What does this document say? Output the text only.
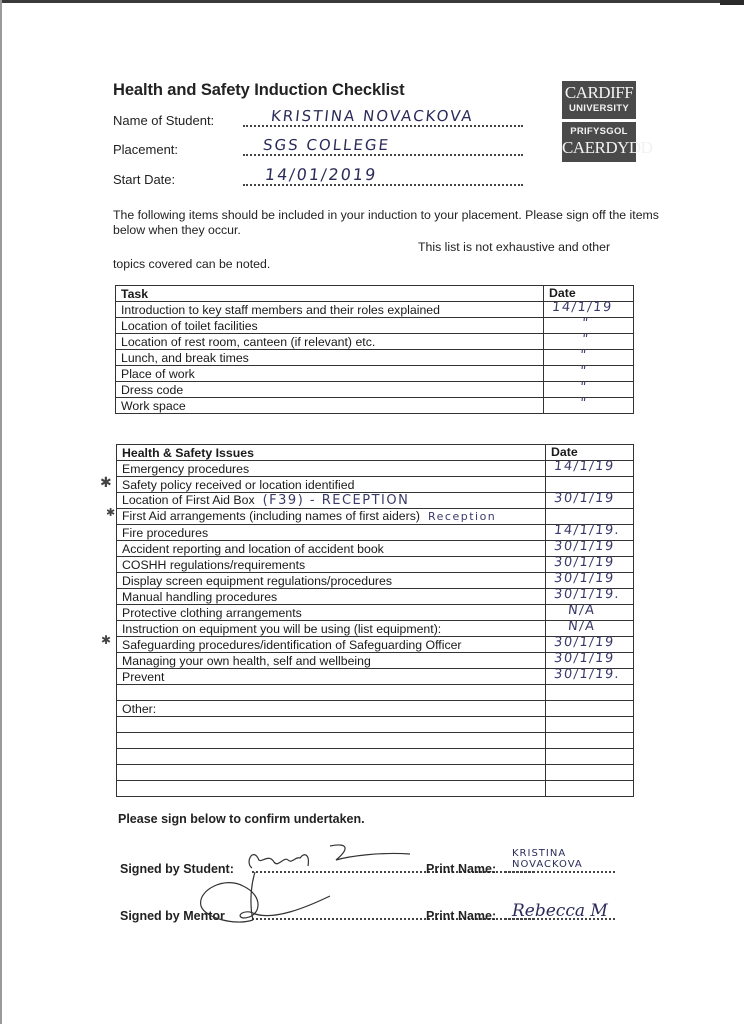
Health and Safety Induction Checklist
Name of Student:	KRISTINA NOVACKOVA
Placement:	SGS COLLEGE
Start Date:	14/01/2019
CARDIFF
UNIVERSITY
PRIFYSGOL
CAERDYDD
The following items should be included in your induction to your placement. Please sign off the items below when they occur.
This list is not exhaustive and other
topics covered can be noted.
Task	Date

Introduction to key staff members and their roles explained	14/1/19

Location of toilet facilities	"

Location of rest room, canteen (if relevant) etc.	"

Lunch, and break times	"

Place of work	"

Dress code	"

Work space	"
Health & Safety Issues	Date

Emergency procedures	14/1/19

Safety policy received or location identified	

Location of First Aid Box (F39) - RECEPTION	30/1/19

First Aid arrangements (including names of first aiders) Reception	

Fire procedures	14/1/19.

Accident reporting and location of accident book	30/1/19

COSHH regulations/requirements	30/1/19

Display screen equipment regulations/procedures	30/1/19

Manual handling procedures	30/1/19.

Protective clothing arrangements	N/A

Instruction on equipment you will be using (list equipment):	N/A

Safeguarding procedures/identification of Safeguarding Officer	30/1/19

Managing your own health, self and wellbeing	30/1/19

Prevent	30/1/19.

Other:	

✱
✱
✱
Please sign below to confirm undertaken.
Signed by Student:	Print Name:
KRISTINA NOVACKOVA
Signed by Mentor	Print Name: Rebecca M
